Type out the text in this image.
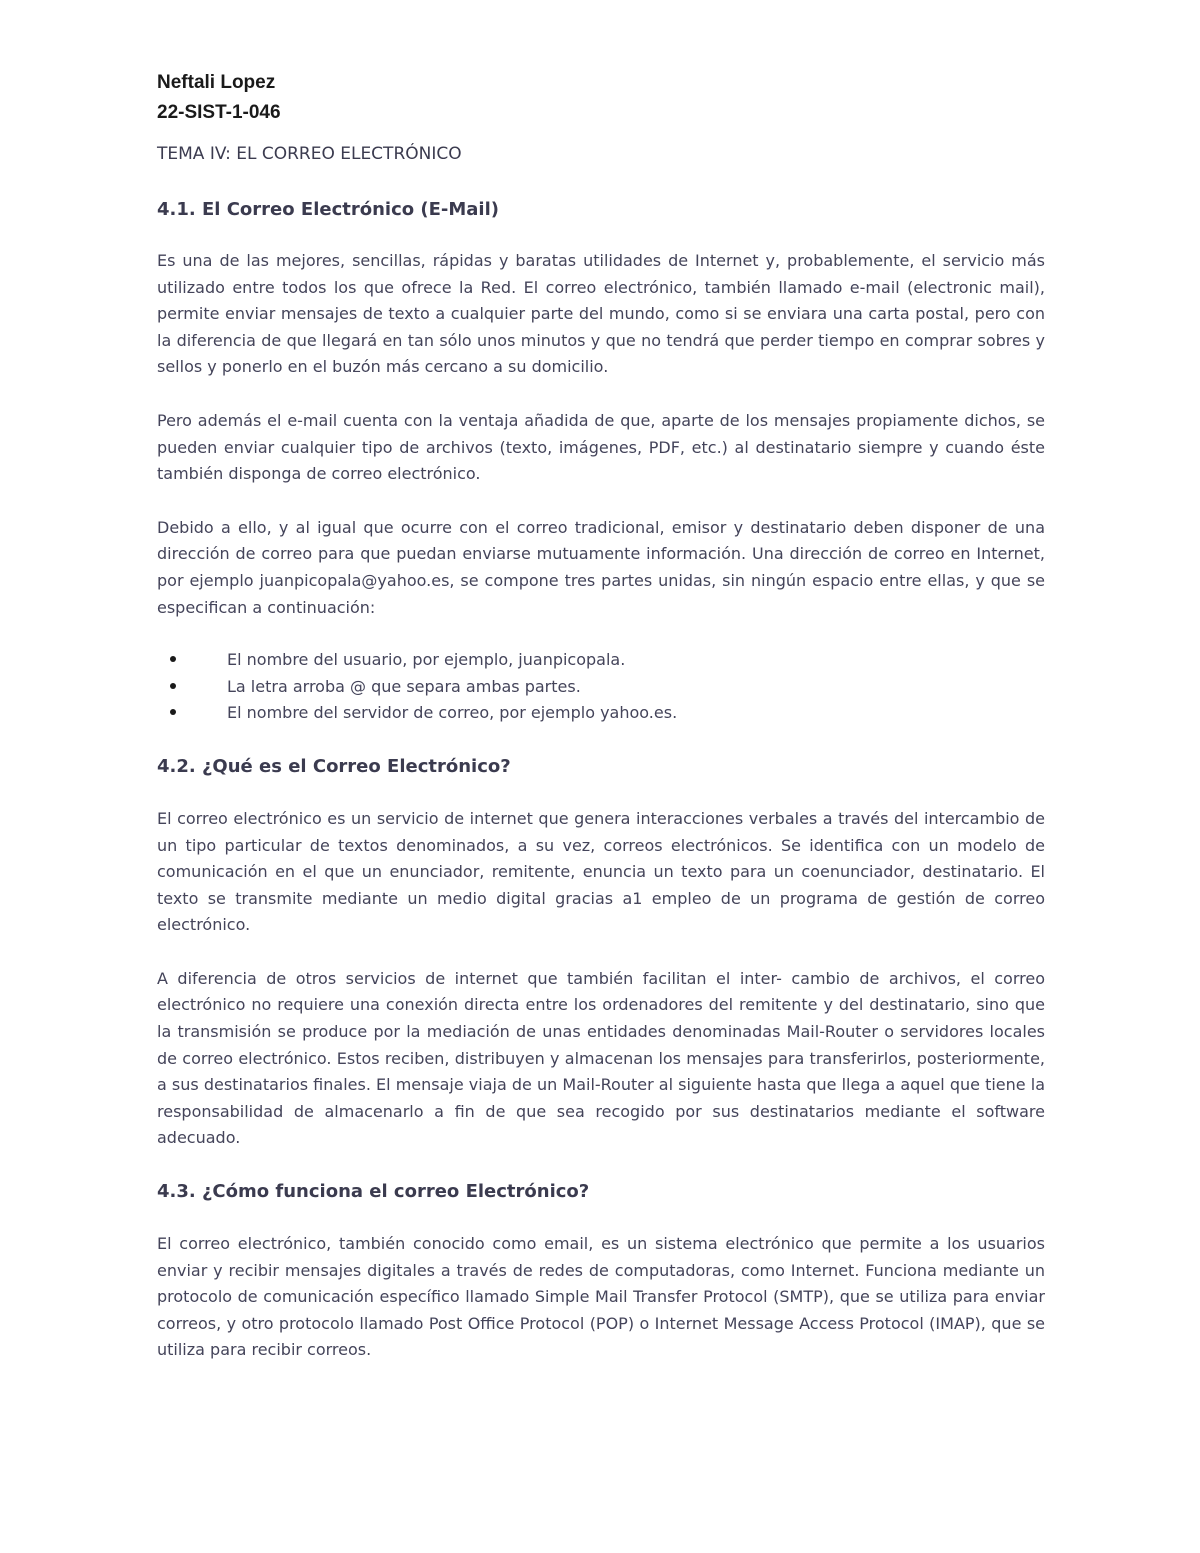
Neftali Lopez
22-SIST-1-046
TEMA IV: EL CORREO ELECTRÓNICO
4.1. El Correo Electrónico (E-Mail)

Es una de las mejores, sencillas, rápidas y baratas utilidades de Internet y, probablemente, el servicio más utilizado entre todos los que ofrece la Red. El correo electrónico, también llamado e-mail (electronic mail), permite enviar mensajes de texto a cualquier parte del mundo, como si se enviara una carta postal, pero con la diferencia de que llegará en tan sólo unos minutos y que no tendrá que perder tiempo en comprar sobres y sellos y ponerlo en el buzón más cercano a su domicilio.

Pero además el e-mail cuenta con la ventaja añadida de que, aparte de los mensajes propiamente dichos, se pueden enviar cualquier tipo de archivos (texto, imágenes, PDF, etc.) al destinatario siempre y cuando éste también disponga de correo electrónico.

Debido a ello, y al igual que ocurre con el correo tradicional, emisor y destinatario deben disponer de una dirección de correo para que puedan enviarse mutuamente información. Una dirección de correo en Internet, por ejemplo juanpicopala@yahoo.es, se compone tres partes unidas, sin ningún espacio entre ellas, y que se especifican a continuación:

El nombre del usuario, por ejemplo, juanpicopala.
La letra arroba @ que separa ambas partes.
El nombre del servidor de correo, por ejemplo yahoo.es.
4.2. ¿Qué es el Correo Electrónico?

El correo electrónico es un servicio de internet que genera interacciones verbales a través del intercambio de un tipo particular de textos denominados, a su vez, correos electrónicos. Se identifica con un modelo de comunicación en el que un enunciador, remitente, enuncia un texto para un coenunciador, destinatario. El texto se transmite mediante un medio digital gracias a1 empleo de un programa de gestión de correo electrónico.

A diferencia de otros servicios de internet que también facilitan el inter- cambio de archivos, el correo electrónico no requiere una conexión directa entre los ordenadores del remitente y del destinatario, sino que la transmisión se produce por la mediación de unas entidades denominadas Mail-Router o servidores locales de correo electrónico. Estos reciben, distribuyen y almacenan los mensajes para transferirlos, posteriormente, a sus destinatarios finales. El mensaje viaja de un Mail-Router al siguiente hasta que llega a aquel que tiene la responsabilidad de almacenarlo a fin de que sea recogido por sus destinatarios mediante el software adecuado.

4.3. ¿Cómo funciona el correo Electrónico?

El correo electrónico, también conocido como email, es un sistema electrónico que permite a los usuarios enviar y recibir mensajes digitales a través de redes de computadoras, como Internet. Funciona mediante un protocolo de comunicación específico llamado Simple Mail Transfer Protocol (SMTP), que se utiliza para enviar correos, y otro protocolo llamado Post Office Protocol (POP) o Internet Message Access Protocol (IMAP), que se utiliza para recibir correos.
